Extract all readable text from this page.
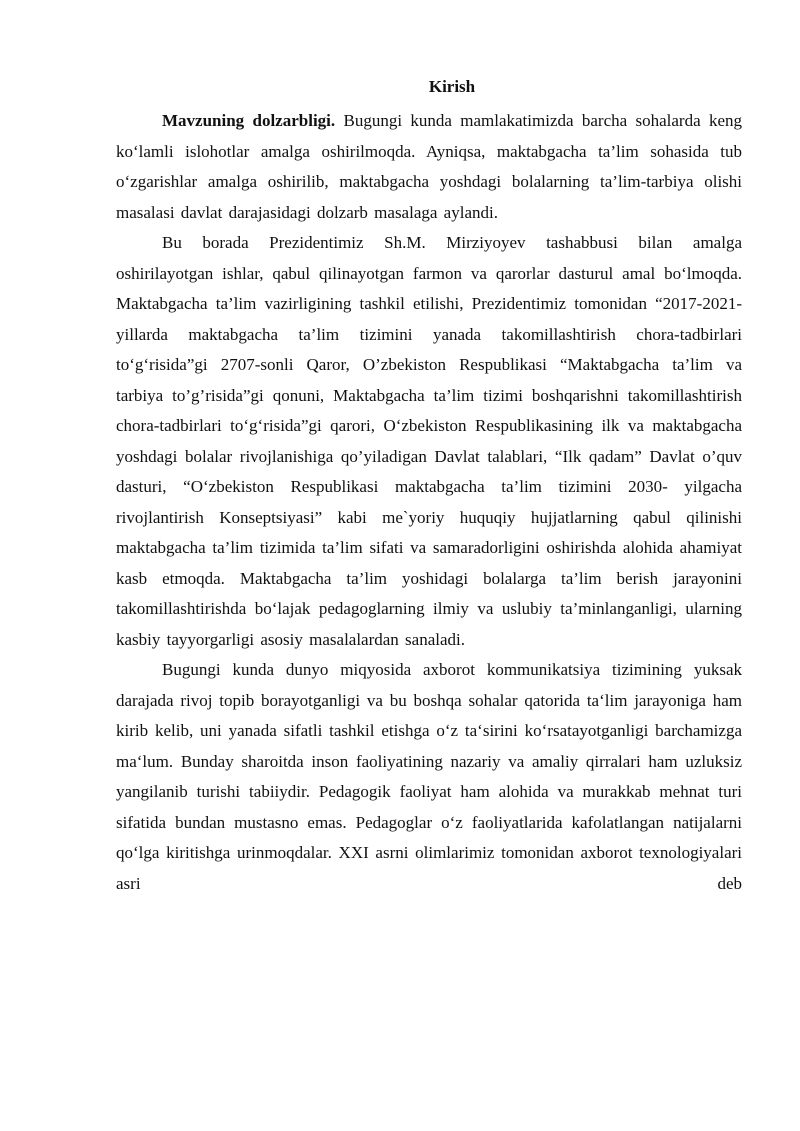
Kirish

Mavzuning dolzarbligi. Bugungi kunda mamlakatimizda barcha sohalarda keng ko‘lamli islohotlar amalga oshirilmoqda. Ayniqsa, maktabgacha ta’lim sohasida tub o‘zgarishlar amalga oshirilib, maktabgacha yoshdagi bolalarning ta’lim-tarbiya olishi masalasi davlat darajasidagi dolzarb masalaga aylandi.

Bu borada Prezidentimiz Sh.M. Mirziyoyev tashabbusi bilan amalga oshirilayotgan ishlar, qabul qilinayotgan farmon va qarorlar dasturul amal bo‘lmoqda. Maktabgacha ta’lim vazirligining tashkil etilishi, Prezidentimiz tomonidan “2017-2021-yillarda maktabgacha ta’lim tizimini yanada takomillashtirish chora-tadbirlari to‘g‘risida”gi 2707-sonli Qaror, O’zbekiston Respublikasi “Maktabgacha ta’lim va tarbiya to’g’risida”gi qonuni, Maktabgacha ta’lim tizimi boshqarishni takomillashtirish chora-tadbirlari to‘g‘risida”gi qarori, O‘zbekiston Respublikasining ilk va maktabgacha yoshdagi bolalar rivojlanishiga qo’yiladigan Davlat talablari, “Ilk qadam” Davlat o’quv dasturi, “O‘zbekiston Respublikasi maktabgacha ta’lim tizimini 2030- yilgacha rivojlantirish Konseptsiyasi” kabi me`yoriy huquqiy hujjatlarning qabul qilinishi maktabgacha ta’lim tizimida ta’lim sifati va samaradorligini oshirishda alohida ahamiyat kasb etmoqda. Maktabgacha ta’lim yoshidagi bolalarga ta’lim berish jarayonini takomillashtirishda bo‘lajak pedagoglarning ilmiy va uslubiy ta’minlanganligi, ularning kasbiy tayyorgarligi asosiy masalalardan sanaladi.

Bugungi kunda dunyo miqyosida axborot kommunikatsiya tizimining yuksak darajada rivoj topib borayotganligi va bu boshqa sohalar qatorida ta‘lim jarayoniga ham kirib kelib, uni yanada sifatli tashkil etishga o‘z ta‘sirini ko‘rsatayotganligi barchamizga ma‘lum. Bunday sharoitda inson faoliyatining nazariy va amaliy qirralari ham uzluksiz yangilanib turishi tabiiydir. Pedagogik faoliyat ham alohida va murakkab mehnat turi sifatida bundan mustasno emas. Pedagoglar o‘z faoliyatlarida kafolatlangan natijalarni qo‘lga kiritishga urinmoqdalar. XXI asrni olimlarimiz tomonidan axborot texnologiyalari asri deb
